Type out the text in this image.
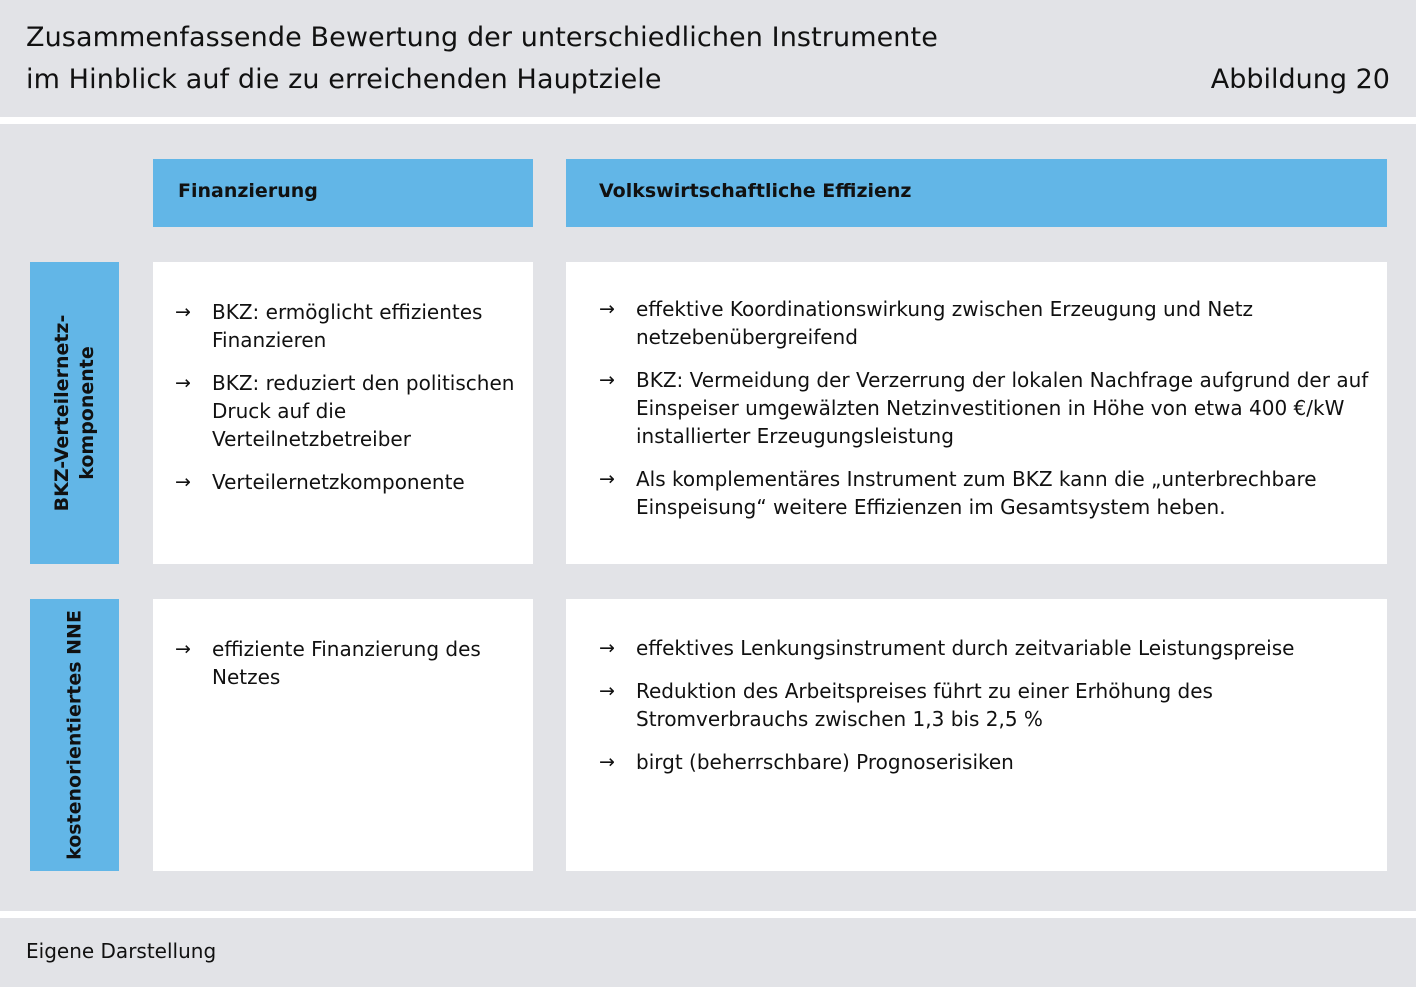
Zusammenfassende Bewertung der unterschiedlichen Instrumente
im Hinblick auf die zu erreichenden Hauptziele	Abbildung 20
Finanzierung	Volkswirtschaftliche Effizienz
BKZ-Verteilernetz- komponente
kostenorientiertes NNE
→ BKZ: ermöglicht effizientes Finanzieren
→ BKZ: reduziert den politischen Druck auf die Verteilnetzbetreiber
→ Verteilernetzkomponente
→ effektive Koordinationswirkung zwischen Erzeugung und Netz netzebenübergreifend
→ BKZ: Vermeidung der Verzerrung der lokalen Nachfrage aufgrund der auf Einspeiser umgewälzten Netzinvestitionen in Höhe von etwa 400 €/kW installierter Erzeugungsleistung
→ Als komplementäres Instrument zum BKZ kann die „unterbrechbare Einspeisung“ weitere Effizienzen im Gesamtsystem heben.
→ effiziente Finanzierung des Netzes
→ effektives Lenkungsinstrument durch zeitvariable Leistungspreise
→ Reduktion des Arbeitspreises führt zu einer Erhöhung des Stromverbrauchs zwischen 1,3 bis 2,5 %
→ birgt (beherrschbare) Prognoserisiken
Eigene Darstellung
